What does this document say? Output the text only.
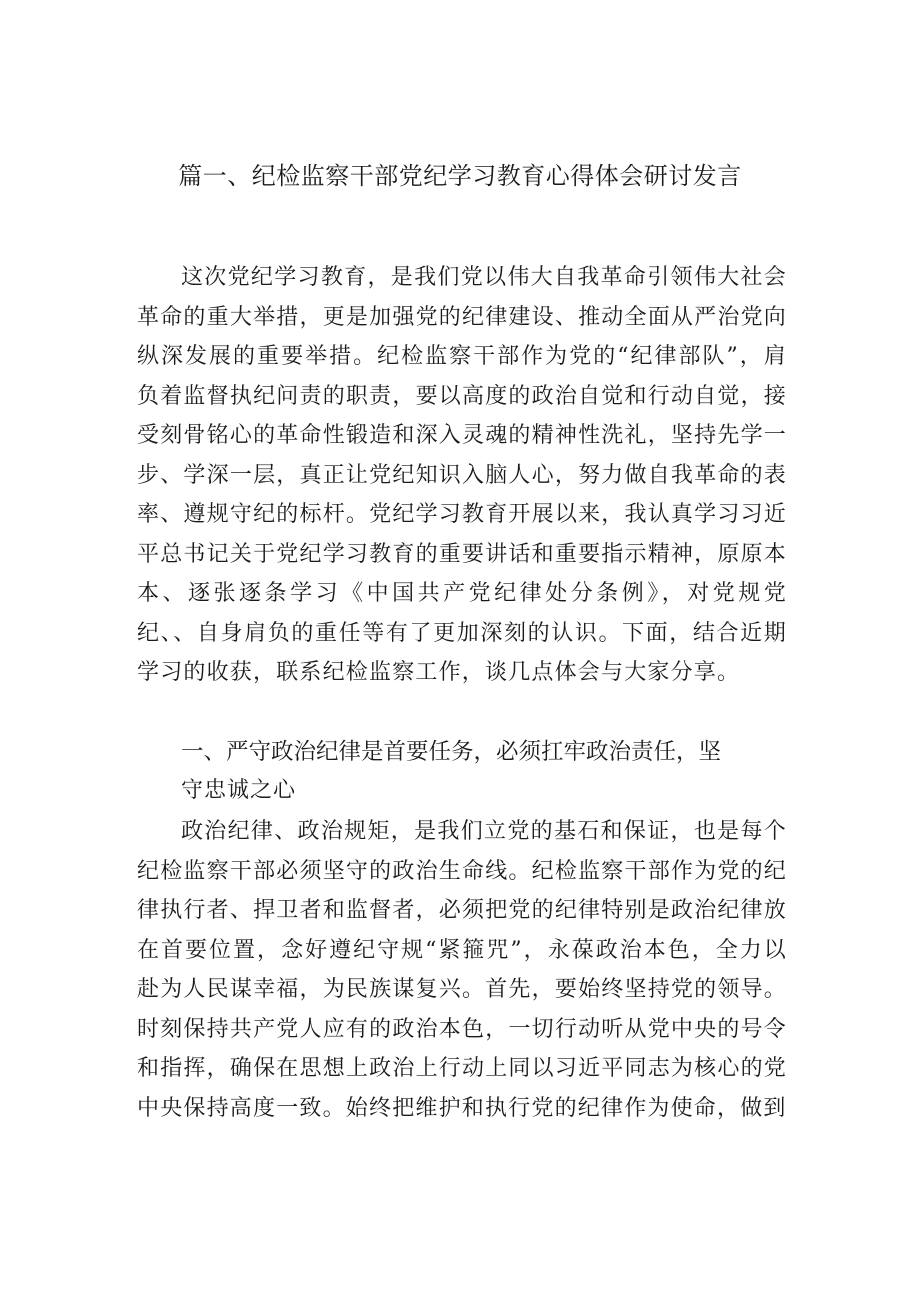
篇一、纪检监察干部党纪学习教育心得体会研讨发言

这次党纪学习教育，是我们党以伟大自我革命引领伟大社会革命的重大举措，更是加强党的纪律建设、推动全面从严治党向纵深发展的重要举措。纪检监察干部作为党的“纪律部队”，肩负着监督执纪问责的职责，要以高度的政治自觉和行动自觉，接受刻骨铭心的革命性锻造和深入灵魂的精神性洗礼，坚持先学一步、学深一层，真正让党纪知识入脑人心，努力做自我革命的表率、遵规守纪的标杆。党纪学习教育开展以来，我认真学习习近平总书记关于党纪学习教育的重要讲话和重要指示精神，原原本本、逐张逐条学习《中国共产党纪律处分条例》，对党规党纪、、自身肩负的重任等有了更加深刻的认识。下面，结合近期学习的收获，联系纪检监察工作，谈几点体会与大家分享。

一、严守政治纪律是首要任务，必须扛牢政治责任，坚
守忠诚之心

政治纪律、政治规矩，是我们立党的基石和保证，也是每个纪检监察干部必须坚守的政治生命线。纪检监察干部作为党的纪律执行者、捍卫者和监督者，必须把党的纪律特别是政治纪律放在首要位置，念好遵纪守规“紧箍咒”，永葆政治本色，全力以赴为人民谋幸福，为民族谋复兴。首先，要始终坚持党的领导。时刻保持共产党人应有的政治本色，一切行动听从党中央的号令和指挥，确保在思想上政治上行动上同以习近平同志为核心的党中央保持高度一致。始终把维护和执行党的纪律作为使命，做到
